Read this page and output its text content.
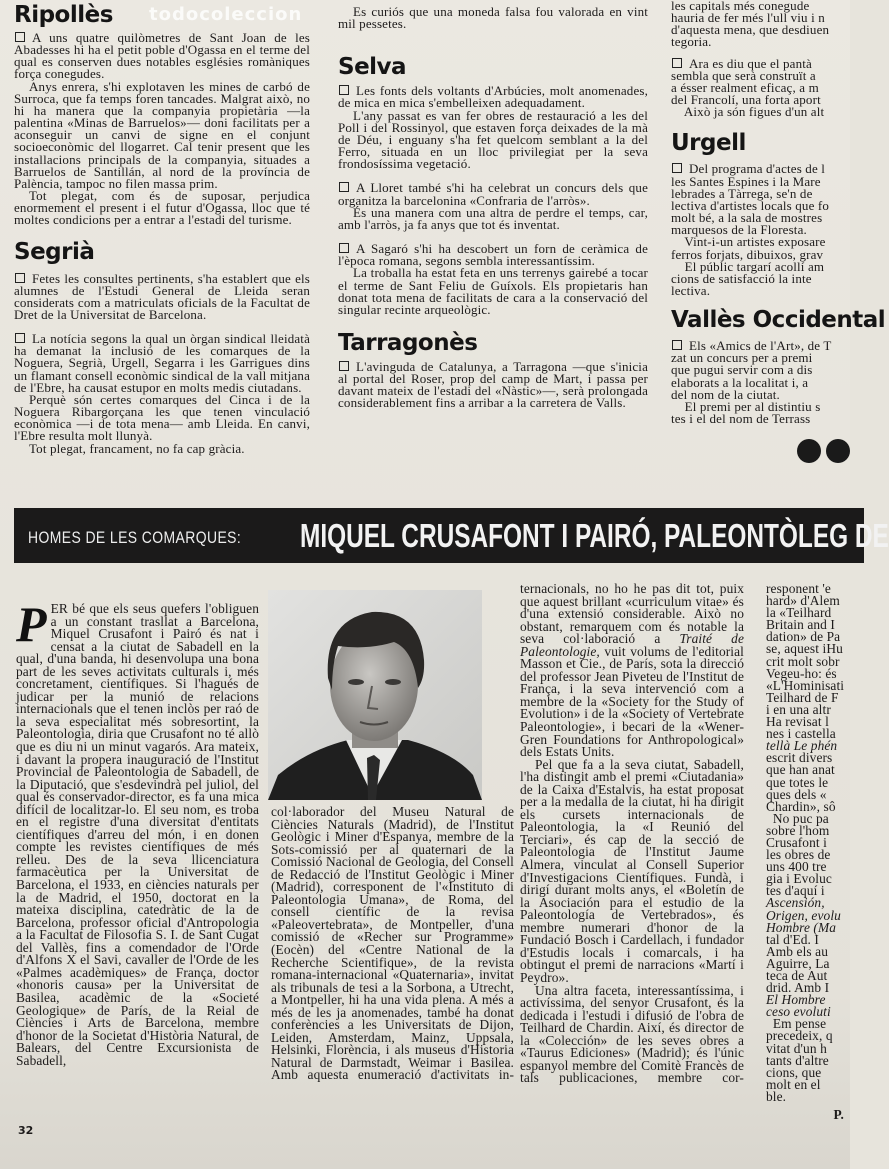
Ripollès	todocoleccion

A uns quatre quilòmetres de Sant Joan de les Abadesses hi ha el petit poble d'Ogassa en el terme del qual es conserven dues notables esglésies romàniques força conegudes.

Anys enrera, s'hi explotaven les mines de carbó de Surroca, que fa temps foren tancades. Malgrat això, no hi ha manera que la companyia propietària —la palentina «Minas de Barruelos»— doni facilitats per a aconseguir un canvi de signe en el conjunt socioeconòmic del llogarret. Cal tenir present que les installacions principals de la companyia, situades a Barruelos de Santillán, al nord de la província de Palència, tampoc no filen massa prim.

Tot plegat, com és de suposar, perjudica enormement el present i el futur d'Ogassa, lloc que té moltes condicions per a entrar a l'estadi del turisme.

Segrià

Fetes les consultes pertinents, s'ha establert que els alumnes de l'Estudi General de Lleida seran considerats com a matriculats oficials de la Facultat de Dret de la Universitat de Barcelona.

La notícia segons la qual un òrgan sindical lleidatà ha demanat la inclusió de les comarques de la Noguera, Segrià, Urgell, Segarra i les Garrigues dins un flamant consell econòmic sindical de la vall mitjana de l'Ebre, ha causat estupor en molts medis ciutadans.

Perquè són certes comarques del Cinca i de la Noguera Ribargorçana les que tenen vinculació econòmica —i de tota mena— amb Lleida. En canvi, l'Ebre resulta molt llunyà.

Tot plegat, francament, no fa cap gràcia.

Es curiós que una moneda falsa fou valorada en vint mil pessetes.

Selva

Les fonts dels voltants d'Arbúcies, molt anomenades, de mica en mica s'embelleixen adequadament.

L'any passat es van fer obres de restauració a les del Poll i del Rossinyol, que estaven força deixades de la mà de Déu, i enguany s'ha fet quelcom semblant a la del Ferro, situada en un lloc privilegiat per la seva frondosíssima vegetació.

A Lloret també s'hi ha celebrat un concurs dels que organitza la barcelonina «Confraria de l'arròs».

És una manera com una altra de perdre el temps, car, amb l'arròs, ja fa anys que tot és inventat.

A Sagaró s'hi ha descobert un forn de ceràmica de l'època romana, segons sembla interessantíssim.

La troballa ha estat feta en uns terrenys gairebé a tocar el terme de Sant Feliu de Guíxols. Els propietaris han donat tota mena de facilitats de cara a la conservació del singular recinte arqueològic.

Tarragonès

L'avinguda de Catalunya, a Tarragona —que s'inicia al portal del Roser, prop del camp de Mart, i passa per davant mateix de l'estadi del «Nàstic»—, serà prolongada considerablement fins a arribar a la carretera de Valls.

les capitals més conegude
hauria de fer més l'ull viu i n
d'aquesta mena, que desdiuen
tegoria.
Ara es diu que el pantà
sembla que serà construït a
a ésser realment eficaç, a m
del Francolí, una forta aport
Això ja són figues d'un alt
Urgell
Del programa d'actes de l
les Santes Espines i la Mare
lebrades a Tàrrega, se'n de
lectiva d'artistes locals que fo
molt bé, a la sala de mostres
marquesos de la Floresta.
Vint-i-un artistes exposare
ferros forjats, dibuixos, grav
El públic targarí acollí am
cions de satisfacció la inte
lectiva.
Vallès Occidental
Els «Amics de l'Art», de T
zat un concurs per a premi
que pugui servir com a dis
elaborats a la localitat i, a
del nom de la ciutat.
El premi per al distintiu s
tes i el del nom de Terrass
HOMES DE LES COMARQUES: MIQUEL CRUSAFONT I PAIRÓ, PALEONTÒLEG DE

PER bé que els seus quefers l'obliguen a un constant trasllat a Barcelona, Miquel Crusafont i Pairó és nat i censat a la ciutat de Sabadell en la qual, d'una banda, hi desenvolupa una bona part de les seves activitats culturals i, més concretament, científiques. Si l'hagués de judicar per la munió de relacions internacionals que el tenen inclòs per raó de la seva especialitat més sobresortint, la Paleontologia, diria que Crusafont no té allò que es diu ni un minut vagarós. Ara mateix, i davant la propera inauguració de l'Institut Provincial de Paleontologia de Sabadell, de la Diputació, que s'esdevindrà pel juliol, del qual és conservador-director, es fa una mica difícil de localitzar-lo. El seu nom, es troba en el registre d'una diversitat d'entitats científiques d'arreu del món, i en donen compte les revistes científiques de més relleu. Des de la seva llicenciatura farmacèutica per la Universitat de Barcelona, el 1933, en ciències naturals per la de Madrid, el 1950, doctorat en la mateixa disciplina, catedràtic de la de Barcelona, professor oficial d'Antropologia a la Facultat de Filosofia S. I. de Sant Cugat del Vallès, fins a comendador de l'Orde d'Alfons X el Savi, cavaller de l'Orde de les «Palmes acadèmiques» de França, doctor «honoris causa» per la Universitat de Basilea, acadèmic de la «Societé Geologique» de París, de la Reial de Ciències i Arts de Barcelona, membre d'honor de la Societat d'Història Natural, de Balears, del Centre Excursionista de Sabadell,

col·laborador del Museu Natural de Ciències Naturals (Madrid), de l'Institut Geològic i Miner d'Espanya, membre de la Sots-comissió per al quaternari de la Comissió Nacional de Geologia, del Consell de Redacció de l'Institut Geològic i Miner (Madrid), corresponent de l'«Instituto di Paleontologia Umana», de Roma, del consell científic de la revisa «Paleovertebrata», de Montpeller, d'una comissió de «Recher sur Programme» (Eocèn) del «Centre National de la Recherche Scientifique», de la revista romana-internacional «Quaternaria», invitat als tribunals de tesi a la Sorbona, a Utrecht, a Montpeller, hi ha una vida plena. A més a més de les ja anomenades, també ha donat conferències a les Universitats de Dijon, Leiden, Amsterdam, Mainz, Uppsala, Helsinki, Florència, i als museus d'Historia Natural de Darmstadt, Weimar i Basilea. Amb aquesta enumeració d'activitats in-

ternacionals, no ho he pas dit tot, puix que aquest brillant «curriculum vitae» és d'una extensió considerable. Això no obstant, remarquem com és notable la seva col·laboració a Traité de Paleontologie, vuit volums de l'editorial Masson et Cie., de París, sota la direcció del professor Jean Piveteu de l'Institut de França, i la seva intervenció com a membre de la «Society for the Study of Evolution» i de la «Society of Vertebrate Paleontologie», i becari de la «Wener-Gren Foundations for Anthropological» dels Estats Units.

Pel que fa a la seva ciutat, Sabadell, l'ha distingit amb el premi «Ciutadania» de la Caixa d'Estalvis, ha estat proposat per a la medalla de la ciutat, hi ha dirigit els cursets internacionals de Paleontologia, la «I Reunió del Terciari», és cap de la secció de Paleontologia de l'Institut Jaume Almera, vinculat al Consell Superior d'Investigacions Científiques. Fundà, i dirigí durant molts anys, el «Boletín de la Asociación para el estudio de la Paleontología de Vertebrados», és membre numerari d'honor de la Fundació Bosch i Cardellach, i fundador d'Estudis locals i comarcals, i ha obtingut el premi de narracions «Martí i Peydro».

Una altra faceta, interessantíssima, i activíssima, del senyor Crusafont, és la dedicada i l'estudi i difusió de l'obra de Teilhard de Chardin. Així, és director de la «Colección» de les seves obres a «Taurus Ediciones» (Madrid); és l'únic espanyol membre del Comitè Francès de tals publicaciones, membre cor-

responent 'e
hard» d'Alem
la «Teilhard
Britain and I
dation» de Pa
se, aquest iHu
crit molt sobr
Vegeu-ho: és
«L'Hominisati
Teilhard de F
i en una altr
Ha revisat l
nes i castella
tellà Le phén
escrit divers
que han anat
que totes le
ques dels «
Chardin», sô
No puc pa
sobre l'hom
Crusafont i
les obres de
uns 400 tre
gia i Evoluc
tes d'aquí i
Ascensión,
Origen, evolu
Hombre (Ma
tal d'Ed. I
Amb els au
Aguirre, La
teca de Aut
drid. Amb I
El Hombre
ceso evoluti
Em pense
precedeix, q
vitat d'un h
tants d'altre
cions, que
molt en el
ble.
P.
32
